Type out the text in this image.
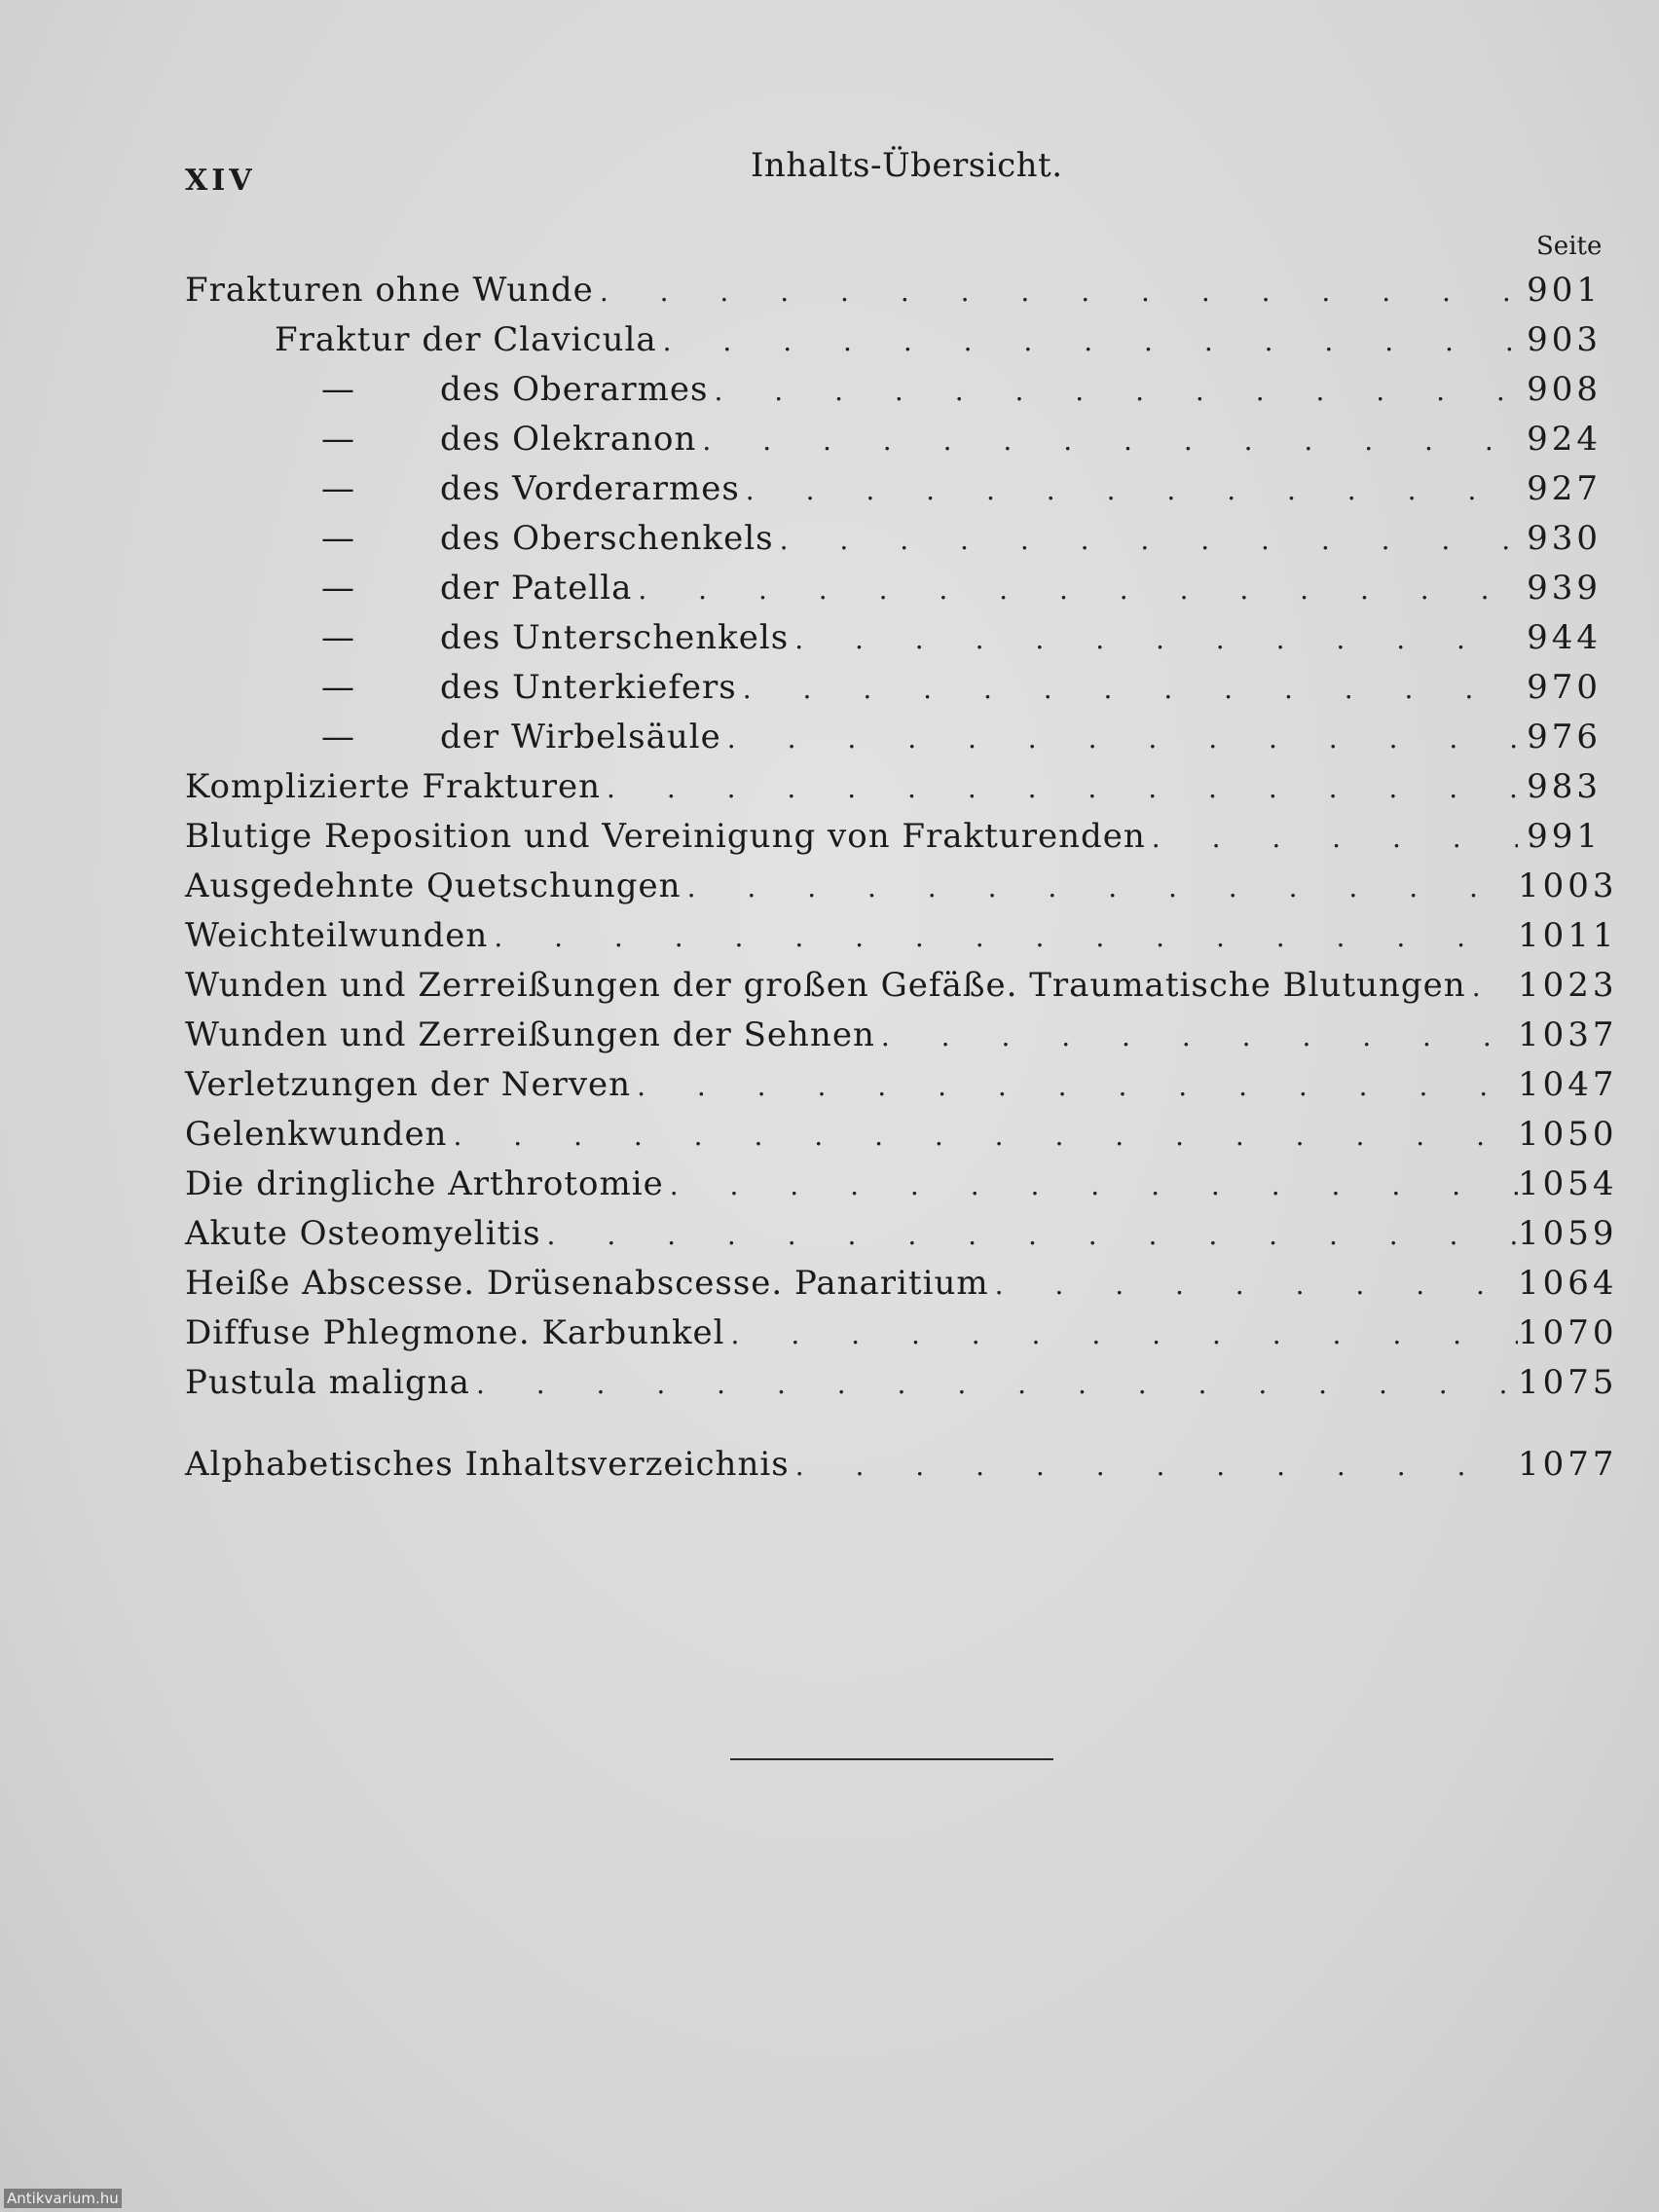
XIV	Inhalts-Übersicht.
Seite
Frakturen ohne Wunde . . .	901
Fraktur der Clavicula . . .	903
—	des Oberarmes . . .	908
—	des Olekranon . . .	924
—	des Vorderarmes . . .	927
—	des Oberschenkels . . .	930
—	der Patella . . .	939
—	des Unterschenkels . . .	944
—	des Unterkiefers . . .	970
—	der Wirbelsäule . . .	976
Komplizierte Frakturen . . .	983
Blutige Reposition und Vereinigung von Frakturenden . . .	991
Ausgedehnte Quetschungen . . .	1003
Weichteilwunden . . .	1011
Wunden und Zerreißungen der großen Gefäße. Traumatische Blutungen . . . 1023
Wunden und Zerreißungen der Sehnen . . .	1037
Verletzungen der Nerven . . .	1047
Gelenkwunden . . .	1050
Die dringliche Arthrotomie . . .	1054
Akute Osteomyelitis . . .	1059
Heiße Abscesse. Drüsenabscesse. Panaritium . . .	1064
Diffuse Phlegmone. Karbunkel . . .	1070
Pustula maligna . . .	1075
Alphabetisches Inhaltsverzeichnis . . .	1077
Antikvarium.hu
